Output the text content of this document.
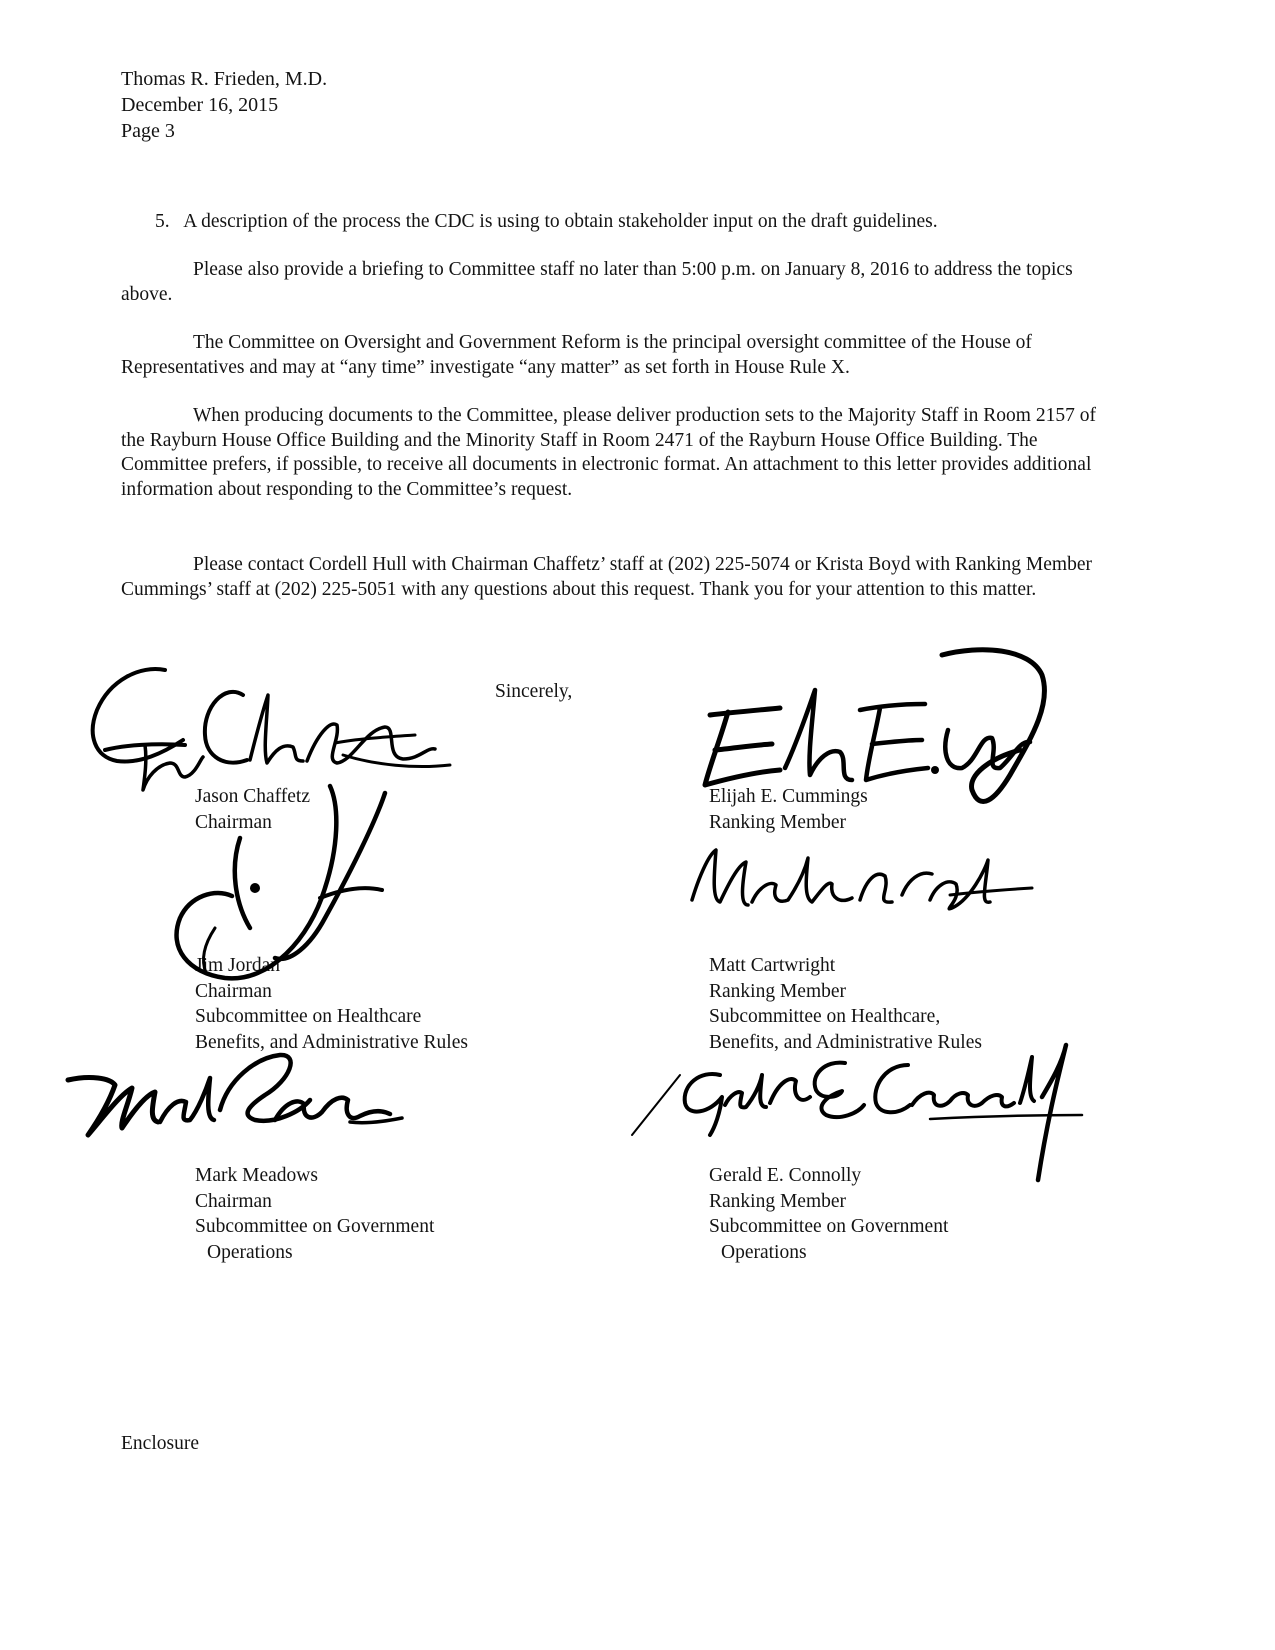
Thomas R. Frieden, M.D.
December 16, 2015
Page 3
5. A description of the process the CDC is using to obtain stakeholder input on the draft guidelines.

Please also provide a briefing to Committee staff no later than 5:00 p.m. on January 8, 2016 to address the topics above.

The Committee on Oversight and Government Reform is the principal oversight committee of the House of Representatives and may at “any time” investigate “any matter” as set forth in House Rule X.

When producing documents to the Committee, please deliver production sets to the Majority Staff in Room 2157 of the Rayburn House Office Building and the Minority Staff in Room 2471 of the Rayburn House Office Building. The Committee prefers, if possible, to receive all documents in electronic format. An attachment to this letter provides additional information about responding to the Committee’s request.

Please contact Cordell Hull with Chairman Chaffetz’ staff at (202) 225-5074 or Krista Boyd with Ranking Member Cummings’ staff at (202) 225-5051 with any questions about this request. Thank you for your attention to this matter.

Sincerely,
Jason Chaffetz
Chairman
Elijah E. Cummings
Ranking Member
Jim Jordan
Chairman
Subcommittee on Healthcare
Benefits, and Administrative Rules
Matt Cartwright
Ranking Member
Subcommittee on Healthcare,
Benefits, and Administrative Rules
Mark Meadows
Chairman
Subcommittee on Government
Operations
Gerald E. Connolly
Ranking Member
Subcommittee on Government
Operations
Enclosure
